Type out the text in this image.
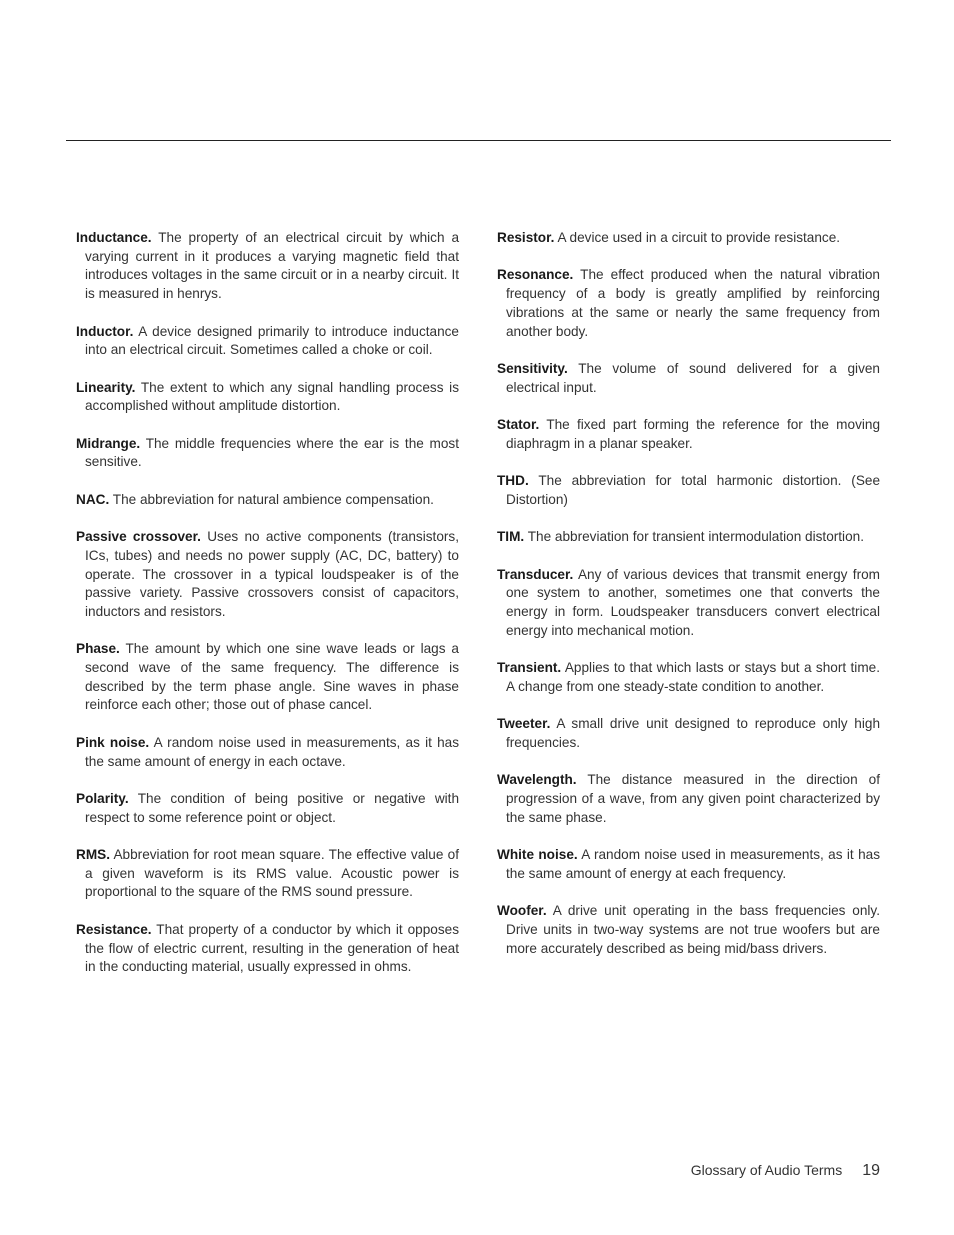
Inductance. The property of an electrical circuit by which a varying current in it produces a varying magnetic field that introduces voltages in the same circuit or in a nearby circuit. It is measured in henrys.

Inductor. A device designed primarily to introduce inductance into an electrical circuit. Sometimes called a choke or coil.

Linearity. The extent to which any signal handling process is accomplished without amplitude distortion.

Midrange. The middle frequencies where the ear is the most sensitive.

NAC. The abbreviation for natural ambience compensation.

Passive crossover. Uses no active components (transistors, ICs, tubes) and needs no power supply (AC, DC, battery) to operate. The crossover in a typical loudspeaker is of the passive variety. Passive crossovers consist of capacitors, inductors and resistors.

Phase. The amount by which one sine wave leads or lags a second wave of the same frequency. The difference is described by the term phase angle. Sine waves in phase reinforce each other; those out of phase cancel.

Pink noise. A random noise used in measurements, as it has the same amount of energy in each octave.

Polarity. The condition of being positive or negative with respect to some reference point or object.

RMS. Abbreviation for root mean square. The effective value of a given waveform is its RMS value. Acoustic power is proportional to the square of the RMS sound pressure.

Resistance. That property of a conductor by which it opposes the flow of electric current, resulting in the generation of heat in the conducting material, usually expressed in ohms.

Resistor. A device used in a circuit to provide resistance.

Resonance. The effect produced when the natural vibration frequency of a body is greatly amplified by reinforcing vibrations at the same or nearly the same frequency from another body.

Sensitivity. The volume of sound delivered for a given electrical input.

Stator. The fixed part forming the reference for the moving diaphragm in a planar speaker.

THD. The abbreviation for total harmonic distortion. (See Distortion)

TIM. The abbreviation for transient intermodulation distortion.

Transducer. Any of various devices that transmit energy from one system to another, sometimes one that converts the energy in form. Loudspeaker transducers convert electrical energy into mechanical motion.

Transient. Applies to that which lasts or stays but a short time. A change from one steady-state condition to another.

Tweeter. A small drive unit designed to reproduce only high frequencies.

Wavelength. The distance measured in the direction of progression of a wave, from any given point characterized by the same phase.

White noise. A random noise used in measurements, as it has the same amount of energy at each frequency.

Woofer. A drive unit operating in the bass frequencies only. Drive units in two-way systems are not true woofers but are more accurately described as being mid/bass drivers.

Glossary of Audio Terms 19
